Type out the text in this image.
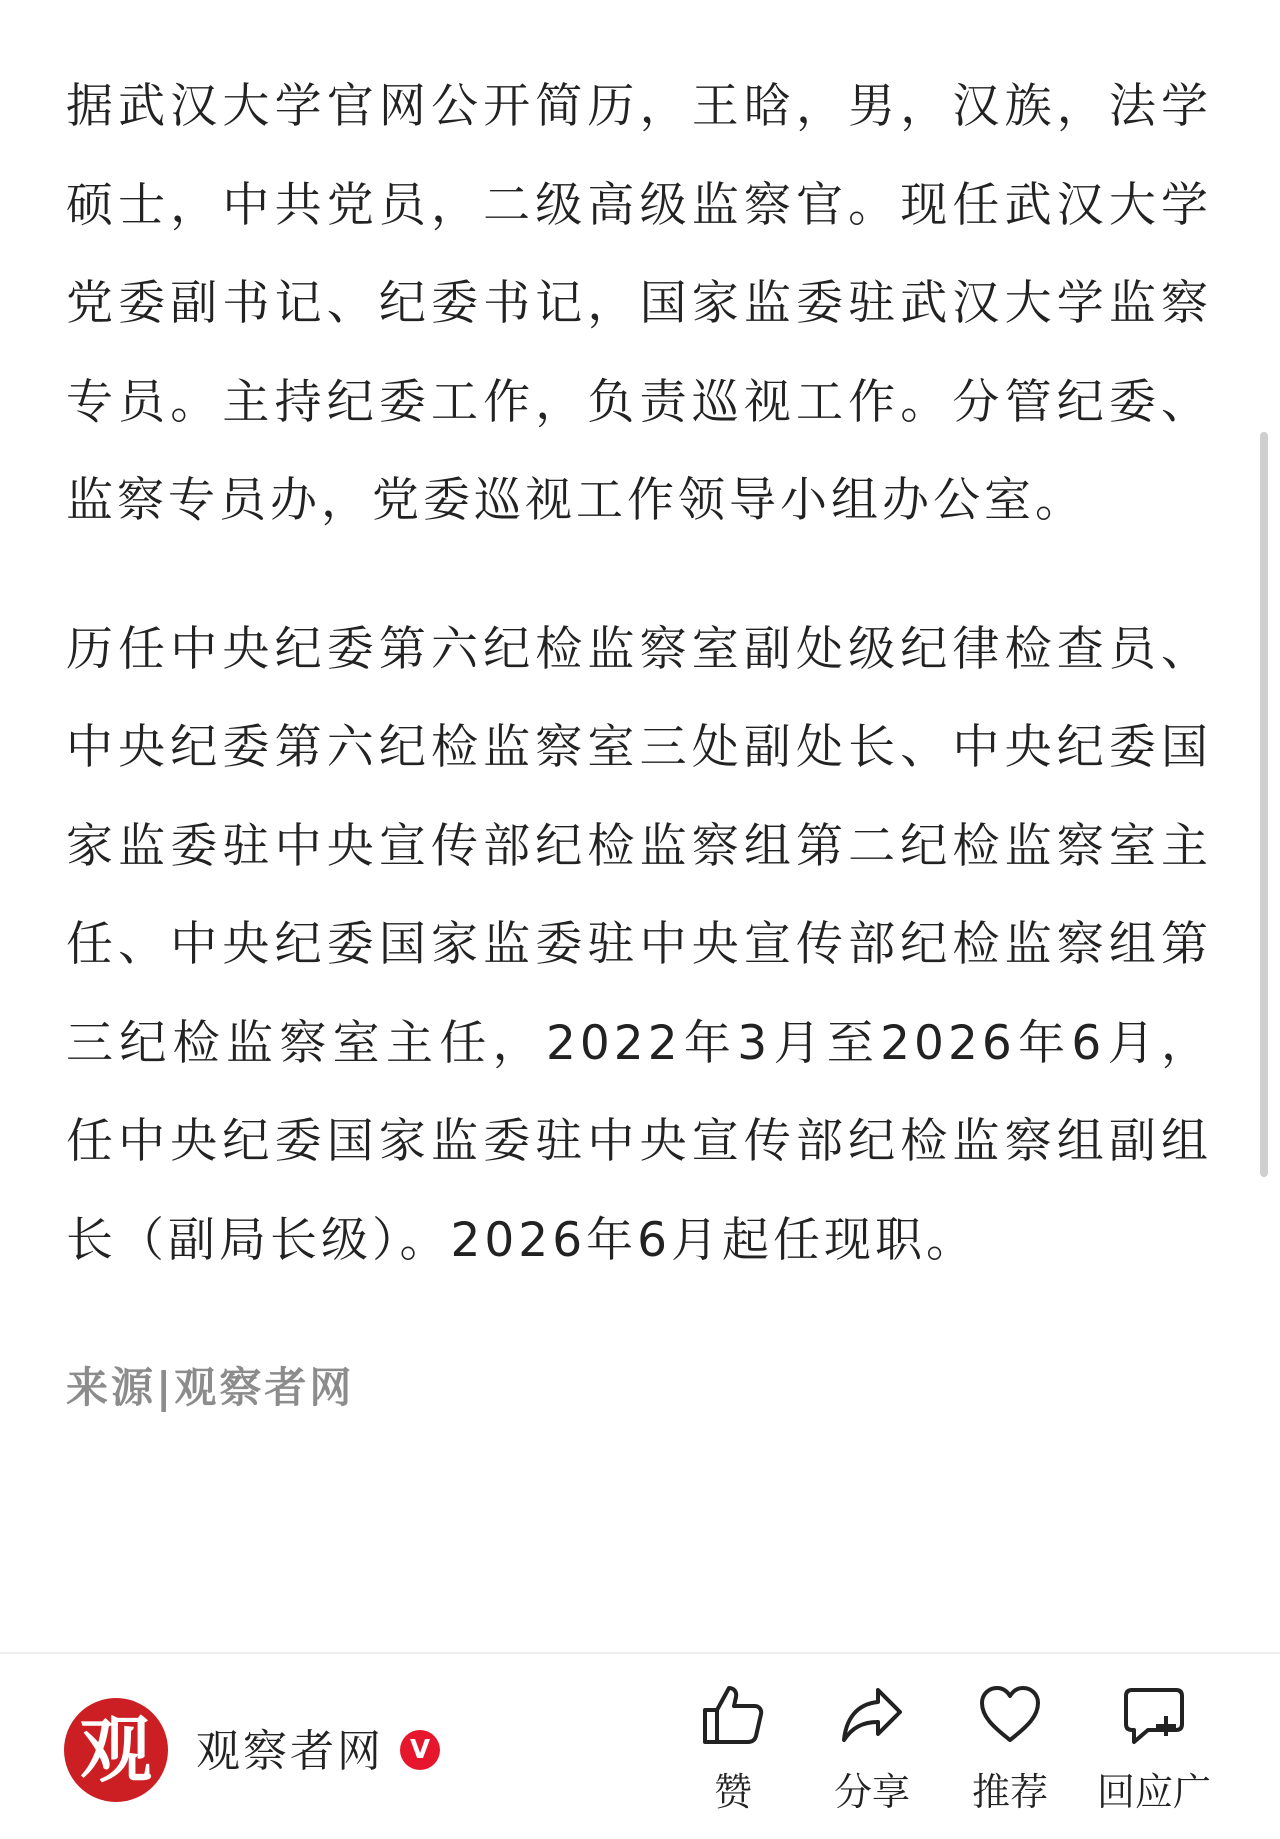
据武汉大学官网公开简历，王晗，男，汉族，法学硕士，中共党员，二级高级监察官。现任武汉大学党委副书记、纪委书记，国家监委驻武汉大学监察专员。主持纪委工作，负责巡视工作。分管纪委、监察专员办，党委巡视工作领导小组办公室。

历任中央纪委第六纪检监察室副处级纪律检查员、中央纪委第六纪检监察室三处副处长、中央纪委国家监委驻中央宣传部纪检监察组第二纪检监察室主任、中央纪委国家监委驻中央宣传部纪检监察组第三纪检监察室主任，2022年3月至2026年6月，任中央纪委国家监委驻中央宣传部纪检监察组副组长（副局长级）。2026年6月起任现职。

来源|观察者网
观	观察者网 V
赞	分享	推荐	回应广
